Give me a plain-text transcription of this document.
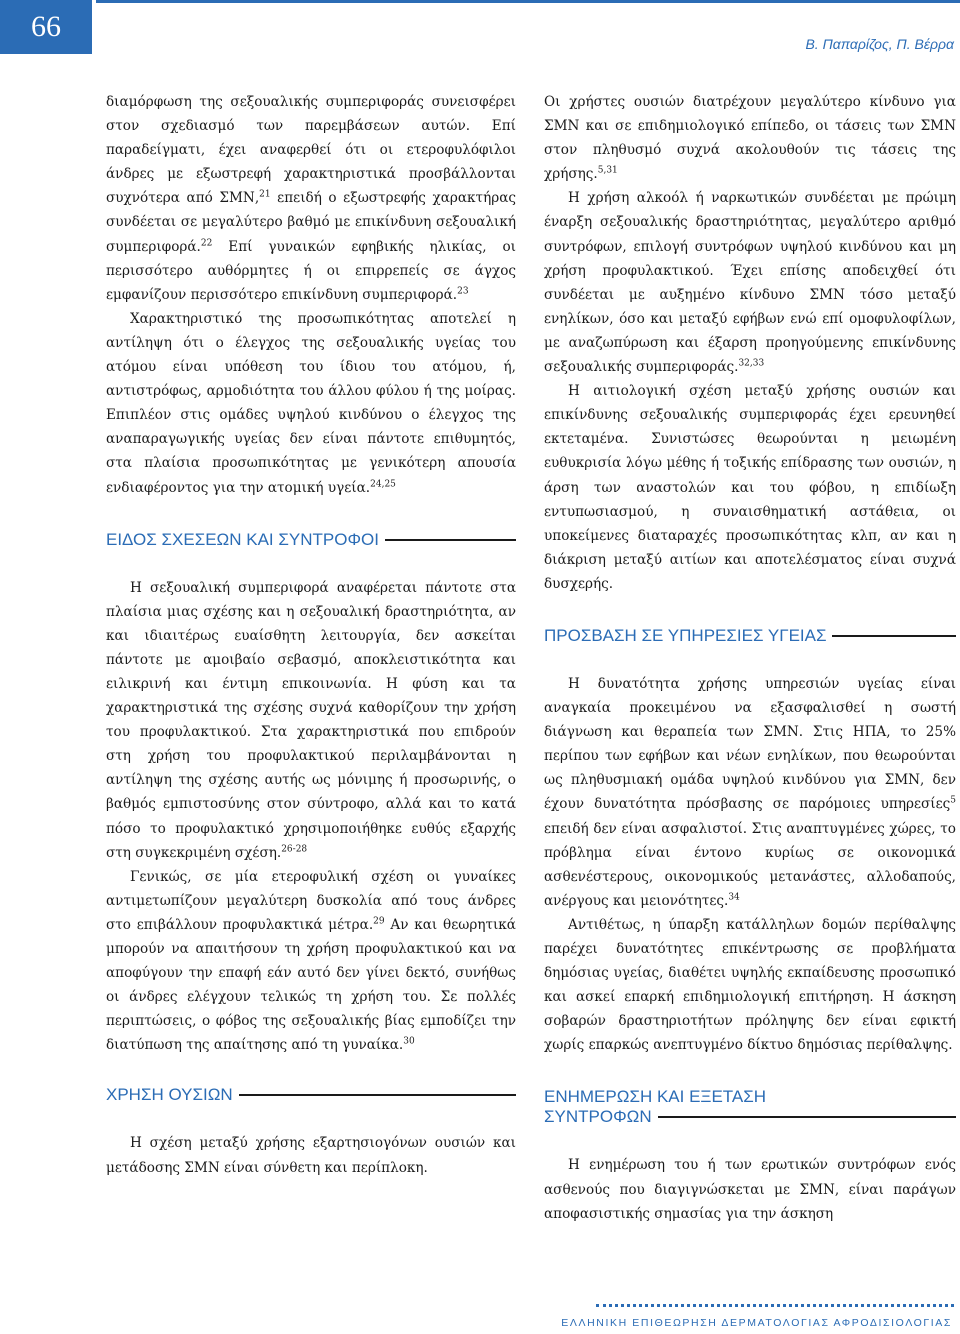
66
Β. Παπαρίζος, Π. Βέρρα

διαμόρφωση της σεξουαλικής συμπεριφοράς συνεισφέρει στον σχεδιασμό των παρεμβάσεων αυτών. Επί παραδείγματι, έχει αναφερθεί ότι οι ετεροφυλόφιλοι άνδρες με εξωστρεφή χαρακτηριστικά προσβάλλονται συχνότερα από ΣΜΝ,$^{21}$ επειδή ο εξωστρεφής χαρακτήρας συνδέεται σε μεγαλύτερο βαθμό με επικίνδυνη σεξουαλική συμπεριφορά.$^{22}$ Επί γυναικών εφηβικής ηλικίας, οι περισσότερο αυθόρμητες ή οι επιρρεπείς σε άγχος εμφανίζουν περισσότερο επικίνδυνη συμπεριφορά.$^{23}$

Χαρακτηριστικό της προσωπικότητας αποτελεί η αντίληψη ότι ο έλεγχος της σεξουαλικής υγείας του ατόμου είναι υπόθεση του ίδιου του ατόμου, ή, αντιστρόφως, αρμοδιότητα του άλλου φύλου ή της μοίρας. Επιπλέον στις ομάδες υψηλού κινδύνου ο έλεγχος της αναπαραγωγικής υγείας δεν είναι πάντοτε επιθυμητός, στα πλαίσια προσωπικότητας με γενικότερη απουσία ενδιαφέροντος για την ατομική υγεία.$^{24,25}$

ΕΙΔΟΣ ΣΧΕΣΕΩΝ ΚΑΙ ΣΥΝΤΡΟΦΟΙ

Η σεξουαλική συμπεριφορά αναφέρεται πάντοτε στα πλαίσια μιας σχέσης και η σεξουαλική δραστηριότητα, αν και ιδιαιτέρως ευαίσθητη λειτουργία, δεν ασκείται πάντοτε με αμοιβαίο σεβασμό, αποκλειστικότητα και ειλικρινή και έντιμη επικοινωνία. Η φύση και τα χαρακτηριστικά της σχέσης συχνά καθορίζουν την χρήση του προφυλακτικού. Στα χαρακτηριστικά που επιδρούν στη χρήση του προφυλακτικού περιλαμβάνονται η αντίληψη της σχέσης αυτής ως μόνιμης ή προσωρινής, ο βαθμός εμπιστοσύνης στον σύντροφο, αλλά και το κατά πόσο το προφυλακτικό χρησιμοποιήθηκε ευθύς εξαρχής στη συγκεκριμένη σχέση.$^{26-28}$

Γενικώς, σε μία ετεροφυλική σχέση οι γυναίκες αντιμετωπίζουν μεγαλύτερη δυσκολία από τους άνδρες στο επιβάλλουν προφυλακτικά μέτρα.$^{29}$ Αν και θεωρητικά μπορούν να απαιτήσουν τη χρήση προφυλακτικού και να αποφύγουν την επαφή εάν αυτό δεν γίνει δεκτό, συνήθως οι άνδρες ελέγχουν τελικώς τη χρήση του. Σε πολλές περιπτώσεις, ο φόβος της σεξουαλικής βίας εμποδίζει την διατύπωση της απαίτησης από τη γυναίκα.$^{30}$

ΧΡΗΣΗ ΟΥΣΙΩΝ

Η σχέση μεταξύ χρήσης εξαρτησιογόνων ουσιών και μετάδοσης ΣΜΝ είναι σύνθετη και περίπλοκη.

Οι χρήστες ουσιών διατρέχουν μεγαλύτερο κίνδυνο για ΣΜΝ και σε επιδημιολογικό επίπεδο, οι τάσεις των ΣΜΝ στον πληθυσμό συχνά ακολουθούν τις τάσεις της χρήσης.$^{5,31}$

Η χρήση αλκοόλ ή ναρκωτικών συνδέεται με πρώιμη έναρξη σεξουαλικής δραστηριότητας, μεγαλύτερο αριθμό συντρόφων, επιλογή συντρόφων υψηλού κινδύνου και μη χρήση προφυλακτικού. Έχει επίσης αποδειχθεί ότι συνδέεται με αυξημένο κίνδυνο ΣΜΝ τόσο μεταξύ ενηλίκων, όσο και μεταξύ εφήβων ενώ επί ομοφυλοφίλων, με αναζωπύρωση και έξαρση προηγούμενης επικίνδυνης σεξουαλικής συμπεριφοράς.$^{32,33}$

Η αιτιολογική σχέση μεταξύ χρήσης ουσιών και επικίνδυνης σεξουαλικής συμπεριφοράς έχει ερευνηθεί εκτεταμένα. Συνιστώσες θεωρούνται η μειωμένη ευθυκρισία λόγω μέθης ή τοξικής επίδρασης των ουσιών, η άρση των αναστολών και του φόβου, η επιδίωξη εντυπωσιασμού, η συναισθηματική αστάθεια, οι υποκείμενες διαταραχές προσωπικότητας κλπ, αν και η διάκριση μεταξύ αιτίων και αποτελέσματος είναι συχνά δυσχερής.

ΠΡΟΣΒΑΣΗ ΣΕ ΥΠΗΡΕΣΙΕΣ ΥΓΕΙΑΣ

Η δυνατότητα χρήσης υπηρεσιών υγείας είναι αναγκαία προκειμένου να εξασφαλισθεί η σωστή διάγνωση και θεραπεία των ΣΜΝ. Στις ΗΠΑ, το 25% περίπου των εφήβων και νέων ενηλίκων, που θεωρούνται ως πληθυσμιακή ομάδα υψηλού κινδύνου για ΣΜΝ, δεν έχουν δυνατότητα πρόσβασης σε παρόμοιες υπηρεσίες$^5$ επειδή δεν είναι ασφαλιστοί. Στις αναπτυγμένες χώρες, το πρόβλημα είναι έντονο κυρίως σε οικονομικά ασθενέστερους, οικονομικούς μετανάστες, αλλοδαπούς, ανέργους και μειονότητες.$^{34}$

Αντιθέτως, η ύπαρξη κατάλληλων δομών περίθαλψης παρέχει δυνατότητες επικέντρωσης σε προβλήματα δημόσιας υγείας, διαθέτει υψηλής εκπαίδευσης προσωπικό και ασκεί επαρκή επιδημιολογική επιτήρηση. Η άσκηση σοβαρών δραστηριοτήτων πρόληψης δεν είναι εφικτή χωρίς επαρκώς ανεπτυγμένο δίκτυο δημόσιας περίθαλψης.

ΕΝΗΜΕΡΩΣΗ ΚΑΙ ΕΞΕΤΑΣΗ
ΣΥΝΤΡΟΦΩΝ

Η ενημέρωση του ή των ερωτικών συντρόφων ενός ασθενούς που διαγιγνώσκεται με ΣΜΝ, είναι παράγων αποφασιστικής σημασίας για την άσκηση

ΕΛΛΗΝΙΚΗ ΕΠΙΘΕΩΡΗΣΗ ΔΕΡΜΑΤΟΛΟΓΙΑΣ ΑΦΡΟΔΙΣΙΟΛΟΓΙΑΣ
